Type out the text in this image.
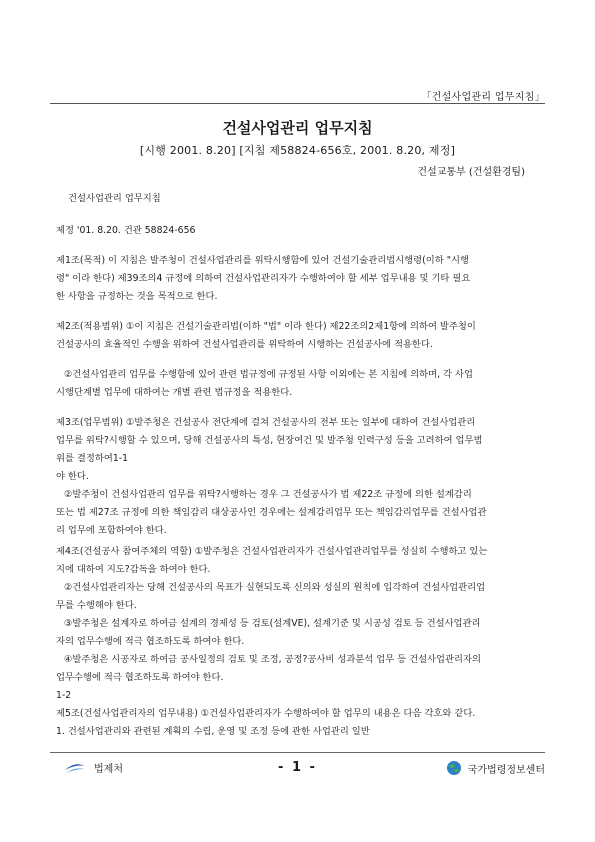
「건설사업관리 업무지침」
건설사업관리 업무지침
[시행 2001. 8.20] [지침 제58824-656호, 2001. 8.20, 제정]
건설교통부 (건설환경팀)

건설사업관리 업무지침

제정 '01. 8.20. 건관 58824-656

제1조(목적) 이 지침은 발주청이 건설사업관리를 위탁시행함에 있어 건설기술관리법시행령(이하 "시행

령" 이라 한다) 제39조의4 규정에 의하여 건설사업관리자가 수행하여야 할 세부 업무내용 및 기타 필요

한 사항을 규정하는 것을 목적으로 한다.

제2조(적용범위) ①이 지침은 건설기술관리법(이하 "법" 이라 한다) 제22조의2제1항에 의하여 발주청이

건설공사의 효율적인 수행을 위하여 건설사업관리를 위탁하여 시행하는 건설공사에 적용한다.

②건설사업관리 업무를 수행함에 있어 관련 법규정에 규정된 사항 이외에는 본 지침에 의하며, 각 사업

시행단계별 업무에 대하여는 개별 관련 법규정을 적용한다.

제3조(업무범위) ①발주청은 건설공사 전단계에 걸쳐 건설공사의 전부 또는 일부에 대하여 건설사업관리

업무를 위탁?시행할 수 있으며, 당해 건설공사의 특성, 현장여건 및 발주청 인력구성 등을 고려하여 업무범

위를 결정하여1-1

야 한다.

②발주청이 건설사업관리 업무를 위탁?시행하는 경우 그 건설공사가 법 제22조 규정에 의한 설계감리

또는 법 제27조 규정에 의한 책임감리 대상공사인 경우에는 설계감리업무 또는 책임감리업무를 건설사업관

리 업무에 포함하여야 한다.

제4조(건설공사 참여주체의 역할) ①발주청은 건설사업관리자가 건설사업관리업무를 성실히 수행하고 있는

지에 대하여 지도?감독을 하여야 한다.

②건설사업관리자는 당해 건설공사의 목표가 실현되도록 신의와 성실의 원칙에 입각하여 건설사업관리업

무를 수행해야 한다.

③발주청은 설계자로 하여금 설계의 경제성 등 검토(설계VE), 설계기준 및 시공성 검토 등 건설사업관리

자의 업무수행에 적극 협조하도록 하여야 한다.

④발주청은 시공자로 하여금 공사일정의 검토 및 조정, 공정?공사비 성과분석 업무 등 건설사업관리자의

업무수행에 적극 협조하도록 하여야 한다.

1-2

제5조(건설사업관리자의 업무내용) ①건설사업관리자가 수행하여야 할 업무의 내용은 다음 각호와 같다.

1. 건설사업관리와 관련된 계획의 수립, 운영 및 조정 등에 관한 사업관리 일반

법제처	- 1 -	국가법령정보센터
